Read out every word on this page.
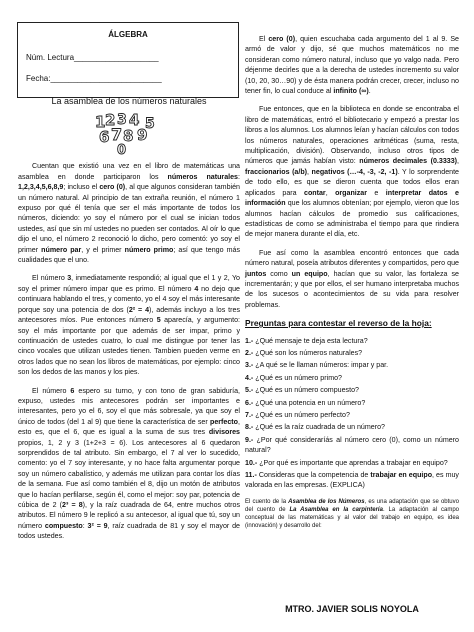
ÁLGEBRA
Núm. Lectura___________________
Fecha:_________________________
La asamblea de los números naturales
1 2 3 4
6 7 8 9
5
0

Cuentan que existió una vez en el libro de matemáticas una asamblea en donde participaron los números naturales: 1,2,3,4,5,6,8,9; incluso el cero (0), al que algunos consideran también un número natural. Al principio de tan extraña reunión, el número 1 expuso por qué él tenía que ser el más importante de todos los números, diciendo: yo soy el número por el cual se inician todos ustedes, así que sin mí ustedes no pueden ser contados. Al oír lo que dijo el uno, el número 2 reconoció lo dicho, pero comentó: yo soy el primer número par, y el primer número primo; así que tengo más cualidades que el uno.

El número 3, inmediatamente respondió; al igual que el 1 y 2, Yo soy el primer número impar que es primo. El número 4 no dejo que continuara hablando el tres, y comento, yo el 4 soy el más interesante porque soy una potencia de dos (2² = 4), además incluyo a los tres antecesores míos. Pue entonces número 5 aparecía, y argumento: soy el más importante por que además de ser impar, primo y continuación de ustedes cuatro, lo cual me distingue por tener las cinco vocales que utilizan ustedes tienen. Tambien pueden verme en otros lados que no sean los libros de matemáticas, por ejemplo: cinco son los dedos de las manos y los pies.

El número 6 espero su turno, y con tono de gran sabiduría, expuso, ustedes mis antecesores podrán ser importantes e interesantes, pero yo el 6, soy el que más sobresale, ya que soy el único de todos (del 1 al 9) que tiene la característica de ser perfecto, esto es, que el 6, que es igual a la suma de sus tres divisores propios, 1, 2 y 3 (1+2+3 = 6). Los antecesores al 6 quedaron sorprendidos de tal atributo. Sin embargo, el 7 al ver lo sucedido, comento: yo el 7 soy interesante, y no hace falta argumentar porque soy un número cabalístico, y además me utilizan para contar los días de la semana. Fue así como también el 8, dijo un motón de atributos que lo hacían perfilarse, según él, como el mejor: soy par, potencia de cúbica de 2 (2³ = 8), y la raíz cuadrada de 64, entre muchos otros atributos. El número 9 le replicó a su antecesor, al igual que tú, soy un número compuesto: 3² = 9, raíz cuadrada de 81 y soy el mayor de todos ustedes.

El cero (0), quien escuchaba cada argumento del 1 al 9. Se armó de valor y dijo, sé que muchos matemáticos no me consideran como número natural, incluso que yo valgo nada. Pero déjenme decirles que a la derecha de ustedes incremento su valor (10, 20, 30…90) y de ésta manera podrán crecer, crecer, incluso no tener fin, lo cual conduce al infinito (∞).

Fue entonces, que en la biblioteca en donde se encontraba el libro de matemáticas, entró el bibliotecario y empezó a prestar los libros a los alumnos. Los alumnos leían y hacían cálculos con todos los números naturales, operaciones aritméticas (suma, resta, multiplicación, división). Observando, incluso otros tipos de números que jamás habían visto: números decimales (0.3333), fraccionarios (a/b), negativos (…-4, -3, -2, -1). Y lo sorprendente de todo ello, es que se dieron cuenta que todos ellos eran aplicados para contar, organizar e interpretar datos e información que los alumnos obtenían; por ejemplo, vieron que los alumnos hacían cálculos de promedio sus calificaciones, estadísticas de como se administraba el tiempo para que rindiera de mejor manera durante el día, etc.

Fue así como la asamblea encontró entonces que cada número natural, poseía atributos diferentes y compartidos, pero que juntos como un equipo, hacían que su valor, las fortaleza se incrementarán; y que por ellos, el ser humano interpretaba muchos de los sucesos o acontecimientos de su vida para resolver problemas.

Preguntas para contestar el reverso de la hoja:
1.- ¿Qué mensaje te deja esta lectura?
2.- ¿Qué son los números naturales?
3.- ¿A qué se le llaman números: impar y par.
4.- ¿Qué es un número primo?
5.- ¿Qué es un número compuesto?
6.- ¿Qué una potencia en un número?
7.- ¿Qué es un número perfecto?
8.- ¿Qué es la raíz cuadrada de un número?
9.- ¿Por qué consideraríás al número cero (0), como un número natural?
10.- ¿Por qué es importante que aprendas a trabajar en equipo?
11.- Consideras que la competencia de trabajar en equipo, es muy valorada en las empresas. (EXPLICA)

El cuento de la Asamblea de los Números, es una adaptación que se obtuvo del cuento de La Asamblea en la carpintería. La adaptación al campo conceptual de las matemáticas y al valor del trabajo en equipo, es idea (innovación) y desarrollo del:

MTRO. JAVIER SOLIS NOYOLA
